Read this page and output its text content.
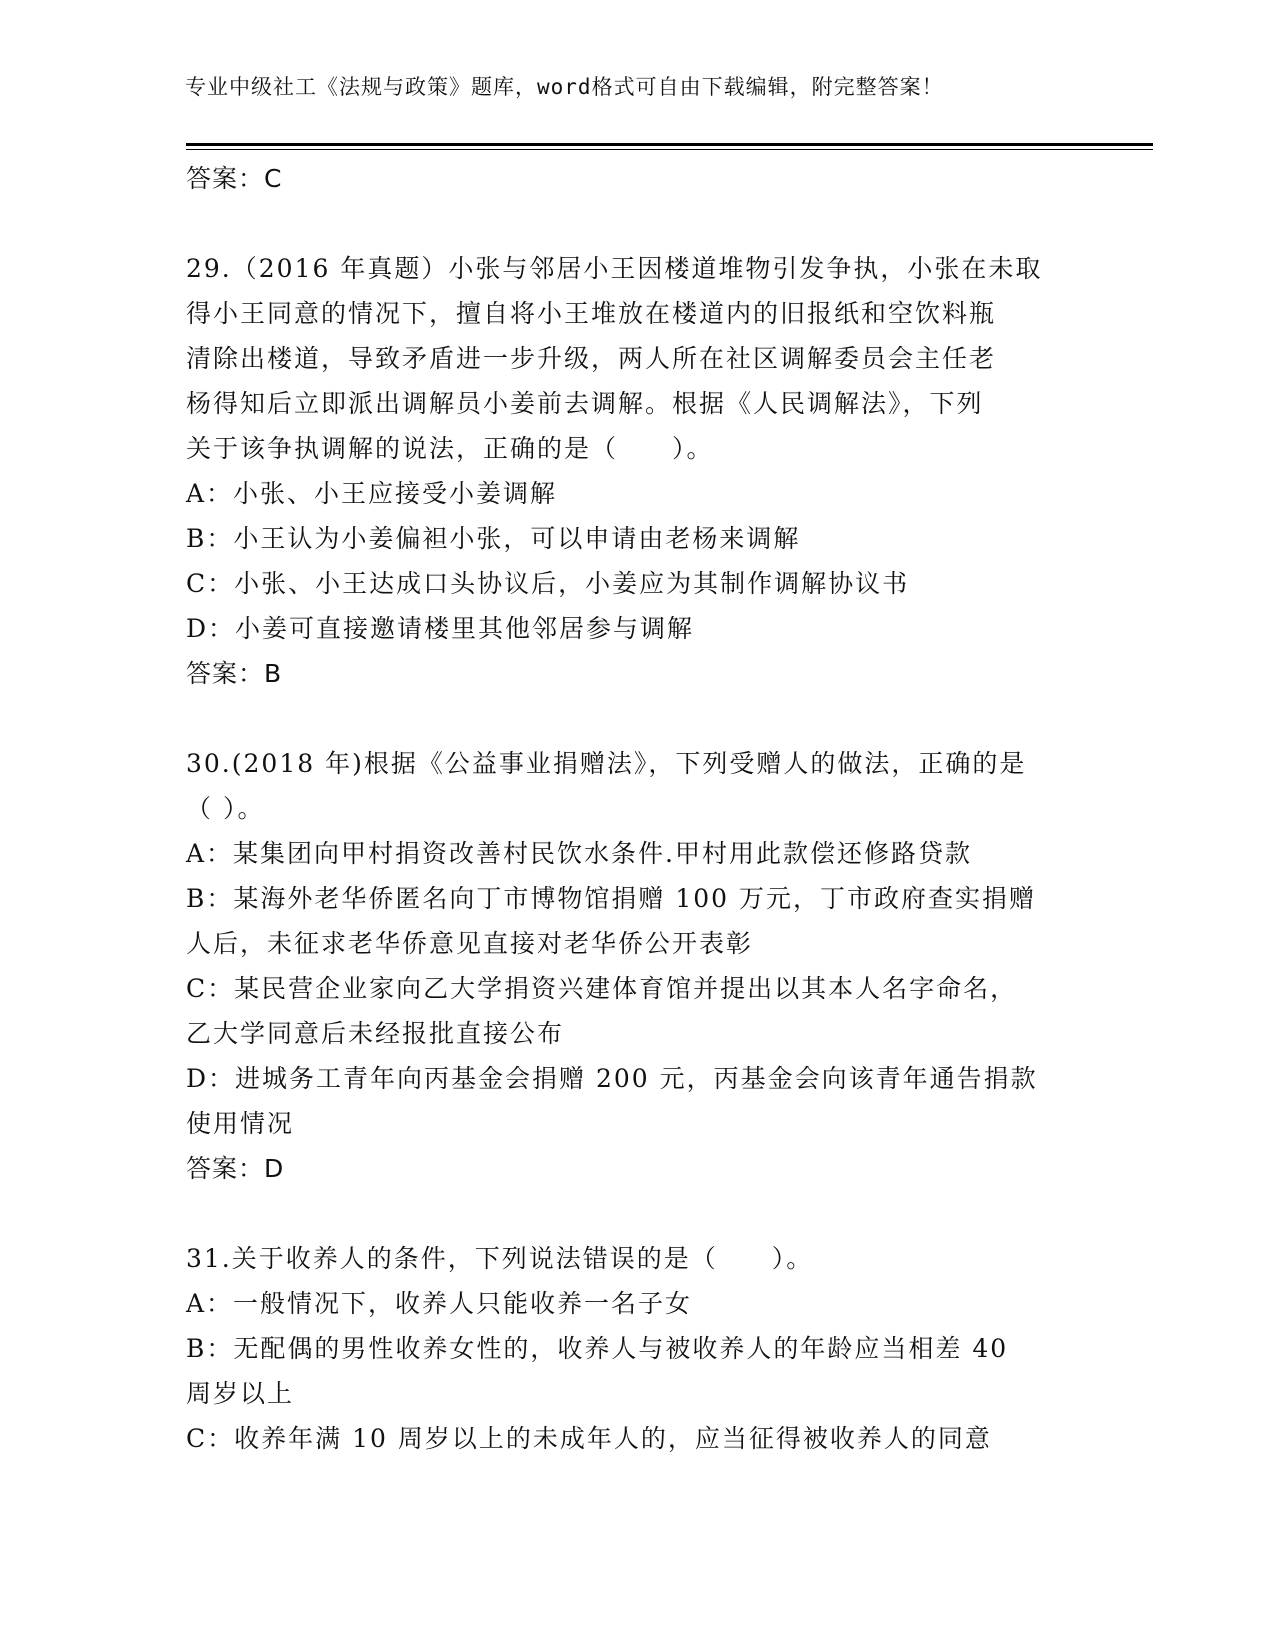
专业中级社工《法规与政策》题库，word格式可自由下载编辑，附完整答案！
答案：C
29.（2016 年真题）小张与邻居小王因楼道堆物引发争执，小张在未取
得小王同意的情况下，擅自将小王堆放在楼道内的旧报纸和空饮料瓶
清除出楼道，导致矛盾进一步升级，两人所在社区调解委员会主任老
杨得知后立即派出调解员小姜前去调解。根据《人民调解法》，下列
关于该争执调解的说法，正确的是（　　）。
A：小张、小王应接受小姜调解
B：小王认为小姜偏袒小张，可以申请由老杨来调解
C：小张、小王达成口头协议后，小姜应为其制作调解协议书
D：小姜可直接邀请楼里其他邻居参与调解
答案：B
30.(2018 年)根据《公益事业捐赠法》，下列受赠人的做法，正确的是
（ ）。
A：某集团向甲村捐资改善村民饮水条件.甲村用此款偿还修路贷款
B：某海外老华侨匿名向丁市博物馆捐赠 100 万元，丁市政府查实捐赠
人后，未征求老华侨意见直接对老华侨公开表彰
C：某民营企业家向乙大学捐资兴建体育馆并提出以其本人名字命名，
乙大学同意后未经报批直接公布
D：进城务工青年向丙基金会捐赠 200 元，丙基金会向该青年通告捐款
使用情况
答案：D
31.关于收养人的条件，下列说法错误的是（　　）。
A：一般情况下，收养人只能收养一名子女
B：无配偶的男性收养女性的，收养人与被收养人的年龄应当相差 40
周岁以上
C：收养年满 10 周岁以上的未成年人的，应当征得被收养人的同意
